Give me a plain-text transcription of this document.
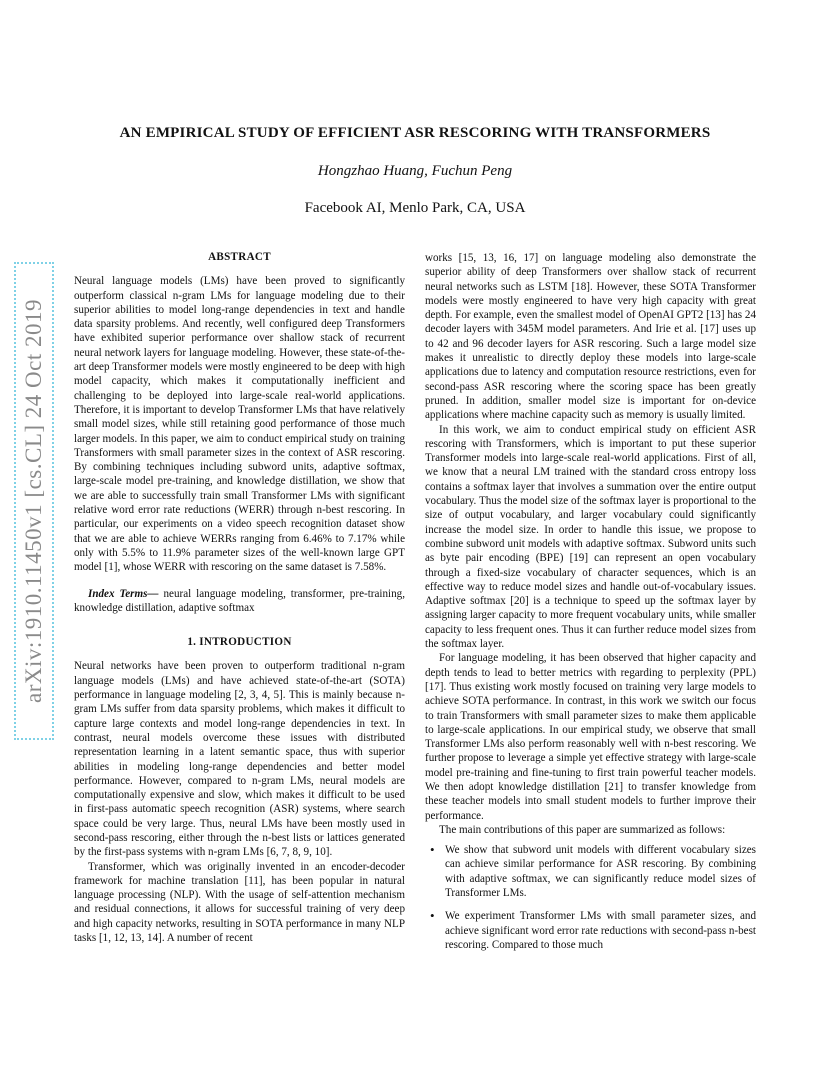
arXiv:1910.11450v1 [cs.CL] 24 Oct 2019
AN EMPIRICAL STUDY OF EFFICIENT ASR RESCORING WITH TRANSFORMERS
Hongzhao Huang, Fuchun Peng
Facebook AI, Menlo Park, CA, USA
ABSTRACT

Neural language models (LMs) have been proved to significantly outperform classical n-gram LMs for language modeling due to their superior abilities to model long-range dependencies in text and handle data sparsity problems. And recently, well configured deep Transformers have exhibited superior performance over shallow stack of recurrent neural network layers for language modeling. However, these state-of-the-art deep Transformer models were mostly engineered to be deep with high model capacity, which makes it computationally inefficient and challenging to be deployed into large-scale real-world applications. Therefore, it is important to develop Transformer LMs that have relatively small model sizes, while still retaining good performance of those much larger models. In this paper, we aim to conduct empirical study on training Transformers with small parameter sizes in the context of ASR rescoring. By combining techniques including subword units, adaptive softmax, large-scale model pre-training, and knowledge distillation, we show that we are able to successfully train small Transformer LMs with significant relative word error rate reductions (WERR) through n-best rescoring. In particular, our experiments on a video speech recognition dataset show that we are able to achieve WERRs ranging from 6.46% to 7.17% while only with 5.5% to 11.9% parameter sizes of the well-known large GPT model [1], whose WERR with rescoring on the same dataset is 7.58%.

Index Terms— neural language modeling, transformer, pre-training, knowledge distillation, adaptive softmax

1. INTRODUCTION

Neural networks have been proven to outperform traditional n-gram language models (LMs) and have achieved state-of-the-art (SOTA) performance in language modeling [2, 3, 4, 5]. This is mainly because n-gram LMs suffer from data sparsity problems, which makes it difficult to capture large contexts and model long-range dependencies in text. In contrast, neural models overcome these issues with distributed representation learning in a latent semantic space, thus with superior abilities in modeling long-range dependencies and better model performance. However, compared to n-gram LMs, neural models are computationally expensive and slow, which makes it difficult to be used in first-pass automatic speech recognition (ASR) systems, where search space could be very large. Thus, neural LMs have been mostly used in second-pass rescoring, either through the n-best lists or lattices generated by the first-pass systems with n-gram LMs [6, 7, 8, 9, 10].

Transformer, which was originally invented in an encoder-decoder framework for machine translation [11], has been popular in natural language processing (NLP). With the usage of self-attention mechanism and residual connections, it allows for successful training of very deep and high capacity networks, resulting in SOTA performance in many NLP tasks [1, 12, 13, 14]. A number of recent

works [15, 13, 16, 17] on language modeling also demonstrate the superior ability of deep Transformers over shallow stack of recurrent neural networks such as LSTM [18]. However, these SOTA Transformer models were mostly engineered to have very high capacity with great depth. For example, even the smallest model of OpenAI GPT2 [13] has 24 decoder layers with 345M model parameters. And Irie et al. [17] uses up to 42 and 96 decoder layers for ASR rescoring. Such a large model size makes it unrealistic to directly deploy these models into large-scale applications due to latency and computation resource restrictions, even for second-pass ASR rescoring where the scoring space has been greatly pruned. In addition, smaller model size is important for on-device applications where machine capacity such as memory is usually limited.

In this work, we aim to conduct empirical study on efficient ASR rescoring with Transformers, which is important to put these superior Transformer models into large-scale real-world applications. First of all, we know that a neural LM trained with the standard cross entropy loss contains a softmax layer that involves a summation over the entire output vocabulary. Thus the model size of the softmax layer is proportional to the size of output vocabulary, and larger vocabulary could significantly increase the model size. In order to handle this issue, we propose to combine subword unit models with adaptive softmax. Subword units such as byte pair encoding (BPE) [19] can represent an open vocabulary through a fixed-size vocabulary of character sequences, which is an effective way to reduce model sizes and handle out-of-vocabulary issues. Adaptive softmax [20] is a technique to speed up the softmax layer by assigning larger capacity to more frequent vocabulary units, while smaller capacity to less frequent ones. Thus it can further reduce model sizes from the softmax layer.

For language modeling, it has been observed that higher capacity and depth tends to lead to better metrics with regarding to perplexity (PPL) [17]. Thus existing work mostly focused on training very large models to achieve SOTA performance. In contrast, in this work we switch our focus to train Transformers with small parameter sizes to make them applicable to large-scale applications. In our empirical study, we observe that small Transformer LMs also perform reasonably well with n-best rescoring. We further propose to leverage a simple yet effective strategy with large-scale model pre-training and fine-tuning to first train powerful teacher models. We then adopt knowledge distillation [21] to transfer knowledge from these teacher models into small student models to further improve their performance.

The main contributions of this paper are summarized as follows:

• We show that subword unit models with different vocabulary sizes can achieve similar performance for ASR rescoring. By combining with adaptive softmax, we can significantly reduce model sizes of Transformer LMs.
• We experiment Transformer LMs with small parameter sizes, and achieve significant word error rate reductions with second-pass n-best rescoring. Compared to those much
